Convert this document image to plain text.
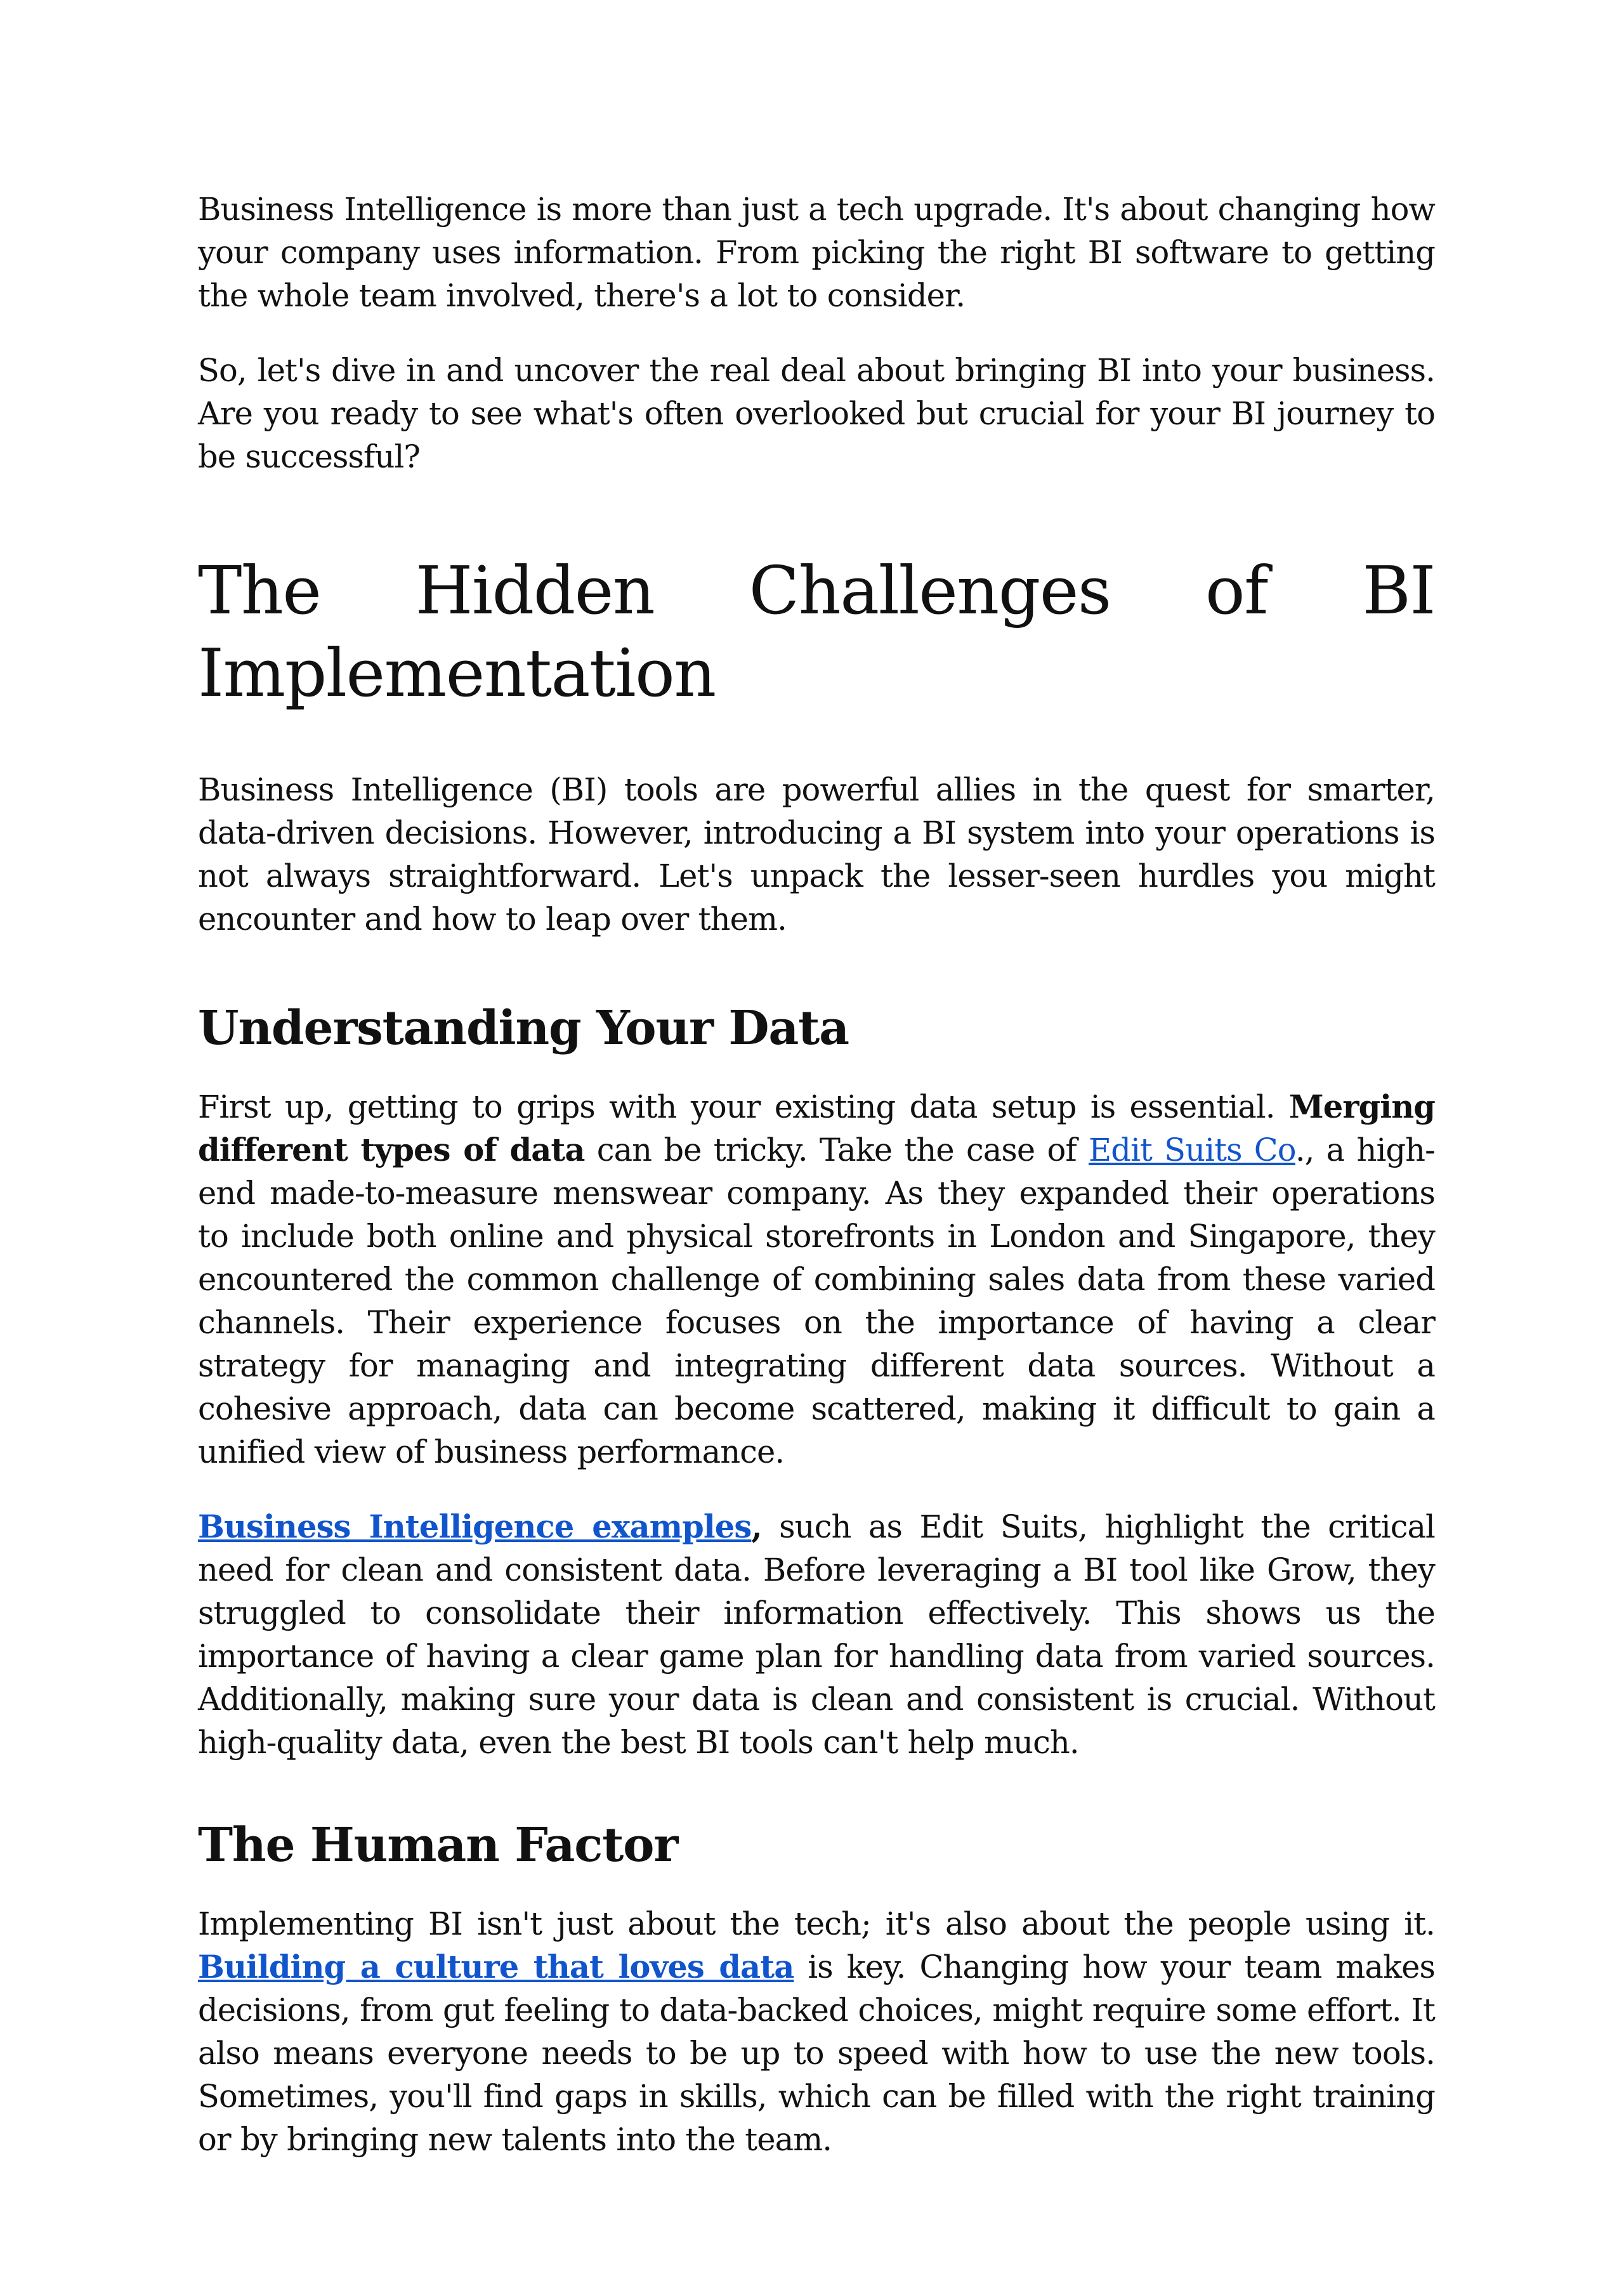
Business Intelligence is more than just a tech upgrade. It's about changing how your company uses information. From picking the right BI software to getting the whole team involved, there's a lot to consider.

So, let's dive in and uncover the real deal about bringing BI into your business. Are you ready to see what's often overlooked but crucial for your BI journey to be successful?

The Hidden Challenges of BI
Implementation

Business Intelligence (BI) tools are powerful allies in the quest for smarter, data-driven decisions. However, introducing a BI system into your operations is not always straightforward. Let's unpack the lesser-seen hurdles you might encounter and how to leap over them.

Understanding Your Data

First up, getting to grips with your existing data setup is essential. Merging different types of data can be tricky. Take the case of Edit Suits Co., a high-end made-to-measure menswear company. As they expanded their operations to include both online and physical storefronts in London and Singapore, they encountered the common challenge of combining sales data from these varied channels. Their experience focuses on the importance of having a clear strategy for managing and integrating different data sources. Without a cohesive approach, data can become scattered, making it difficult to gain a unified view of business performance.

Business Intelligence examples, such as Edit Suits, highlight the critical need for clean and consistent data. Before leveraging a BI tool like Grow, they struggled to consolidate their information effectively. This shows us the importance of having a clear game plan for handling data from varied sources. Additionally, making sure your data is clean and consistent is crucial. Without high-quality data, even the best BI tools can't help much.

The Human Factor

Implementing BI isn't just about the tech; it's also about the people using it. Building a culture that loves data is key. Changing how your team makes decisions, from gut feeling to data-backed choices, might require some effort. It also means everyone needs to be up to speed with how to use the new tools. Sometimes, you'll find gaps in skills, which can be filled with the right training or by bringing new talents into the team.
